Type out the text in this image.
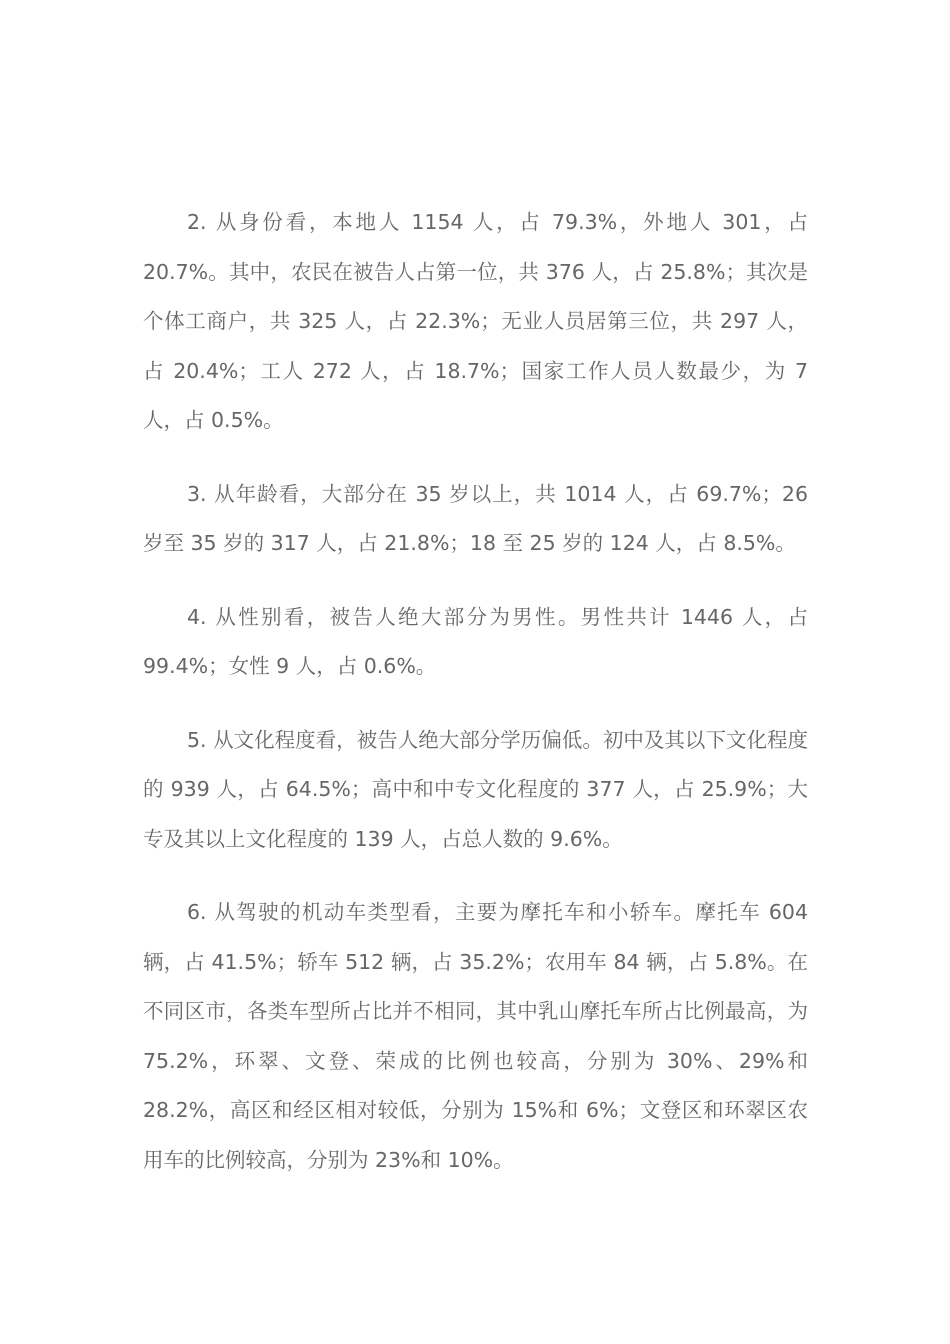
2. 从身份看，本地人 1154 人，占 79.3%，外地人 301，占 20.7%。其中，农民在被告人占第一位，共 376 人，占 25.8%；其次是个体工商户，共 325 人，占 22.3%；无业人员居第三位，共 297 人，占 20.4%；工人 272 人，占 18.7%；国家工作人员人数最少，为 7 人，占 0.5%。

3. 从年龄看，大部分在 35 岁以上，共 1014 人，占 69.7%；26 岁至 35 岁的 317 人，占 21.8%；18 至 25 岁的 124 人，占 8.5%。

4. 从性别看，被告人绝大部分为男性。男性共计 1446 人，占 99.4%；女性 9 人，占 0.6%。

5. 从文化程度看，被告人绝大部分学历偏低。初中及其以下文化程度的 939 人，占 64.5%；高中和中专文化程度的 377 人，占 25.9%；大专及其以上文化程度的 139 人，占总人数的 9.6%。

6. 从驾驶的机动车类型看，主要为摩托车和小轿车。摩托车 604 辆，占 41.5%；轿车 512 辆，占 35.2%；农用车 84 辆，占 5.8%。在不同区市，各类车型所占比并不相同，其中乳山摩托车所占比例最高，为 75.2%，环翠、文登、荣成的比例也较高，分别为 30%、29%和 28.2%，高区和经区相对较低，分别为 15%和 6%；文登区和环翠区农用车的比例较高，分别为 23%和 10%。
